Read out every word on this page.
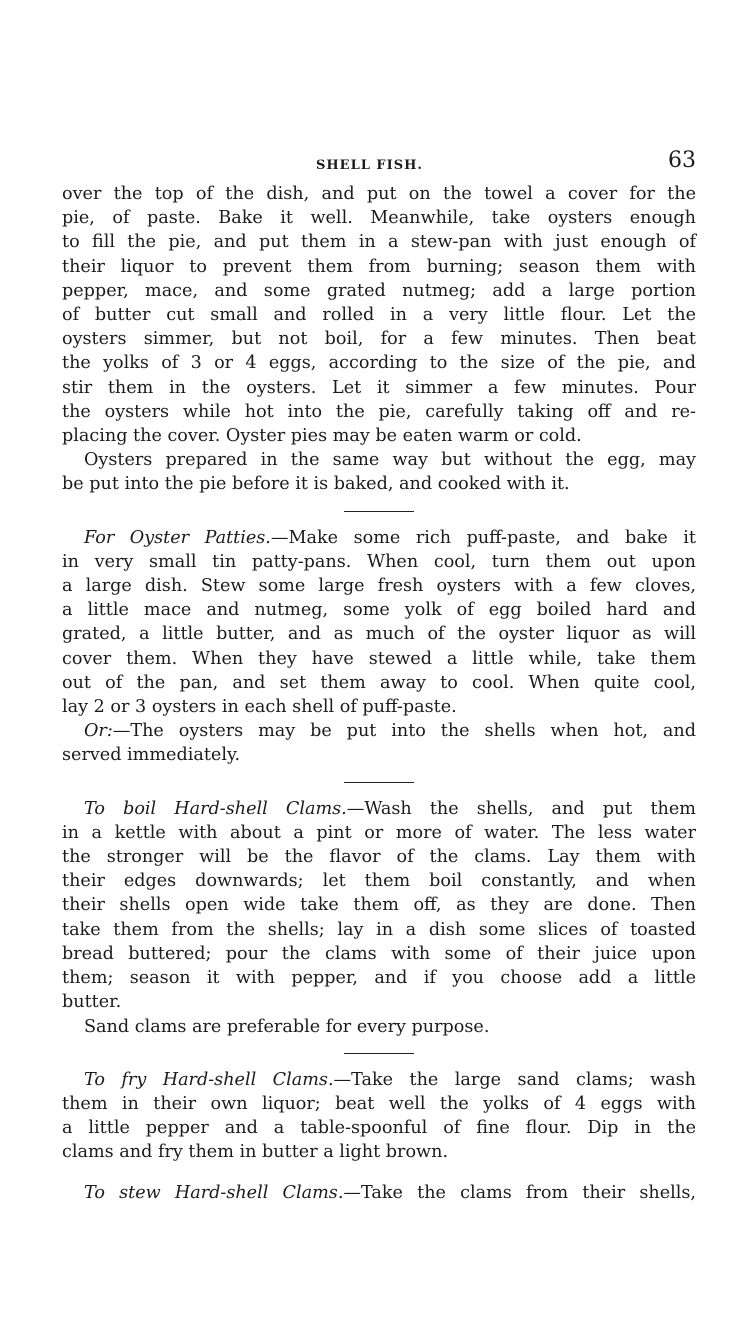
SHELL FISH.	63

over the top of the dish, and put on the towel a cover for the
pie, of paste. Bake it well. Meanwhile, take oysters enough
to fill the pie, and put them in a stew-pan with just enough of
their liquor to prevent them from burning; season them with
pepper, mace, and some grated nutmeg; add a large portion
of butter cut small and rolled in a very little flour. Let the
oysters simmer, but not boil, for a few minutes. Then beat
the yolks of 3 or 4 eggs, according to the size of the pie, and
stir them in the oysters. Let it simmer a few minutes. Pour
the oysters while hot into the pie, carefully taking off and re-
placing the cover. Oyster pies may be eaten warm or cold.

Oysters prepared in the same way but without the egg, may
be put into the pie before it is baked, and cooked with it.

For Oyster Patties.—Make some rich puff-paste, and bake it
in very small tin patty-pans. When cool, turn them out upon
a large dish. Stew some large fresh oysters with a few cloves,
a little mace and nutmeg, some yolk of egg boiled hard and
grated, a little butter, and as much of the oyster liquor as will
cover them. When they have stewed a little while, take them
out of the pan, and set them away to cool. When quite cool,
lay 2 or 3 oysters in each shell of puff-paste.

Or:—The oysters may be put into the shells when hot, and
served immediately.

To boil Hard-shell Clams.—Wash the shells, and put them
in a kettle with about a pint or more of water. The less water
the stronger will be the flavor of the clams. Lay them with
their edges downwards; let them boil constantly, and when
their shells open wide take them off, as they are done. Then
take them from the shells; lay in a dish some slices of toasted
bread buttered; pour the clams with some of their juice upon
them; season it with pepper, and if you choose add a little
butter.

Sand clams are preferable for every purpose.

To fry Hard-shell Clams.—Take the large sand clams; wash
them in their own liquor; beat well the yolks of 4 eggs with
a little pepper and a table-spoonful of fine flour. Dip in the
clams and fry them in butter a light brown.

To stew Hard-shell Clams.—Take the clams from their shells,
